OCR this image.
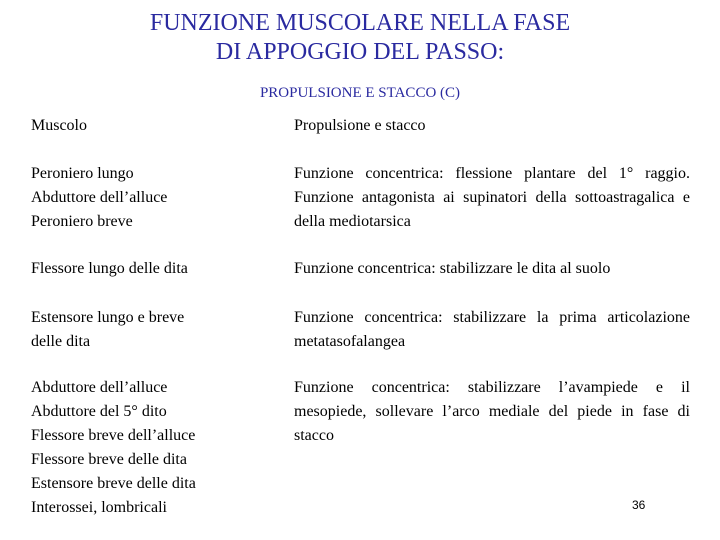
FUNZIONE MUSCOLARE NELLA FASE
DI APPOGGIO DEL PASSO:
PROPULSIONE E STACCO (C)
Muscolo	Propulsione e stacco
Peroniero lungo
Abduttore dell’alluce
Peroniero breve
Funzione concentrica: flessione plantare del 1° raggio. Funzione antagonista ai supinatori della sottoastragalica e della mediotarsica
Flessore lungo delle dita	Funzione concentrica: stabilizzare le dita al suolo
Estensore lungo e breve
delle dita
Funzione concentrica: stabilizzare la prima articolazione metatasofalangea
Abduttore dell’alluce
Abduttore del 5° dito
Flessore breve dell’alluce
Flessore breve delle dita
Estensore breve delle dita
Interossei, lombricali
Funzione concentrica: stabilizzare l’avampiede e il mesopiede, sollevare l’arco mediale del piede in fase di stacco
36
